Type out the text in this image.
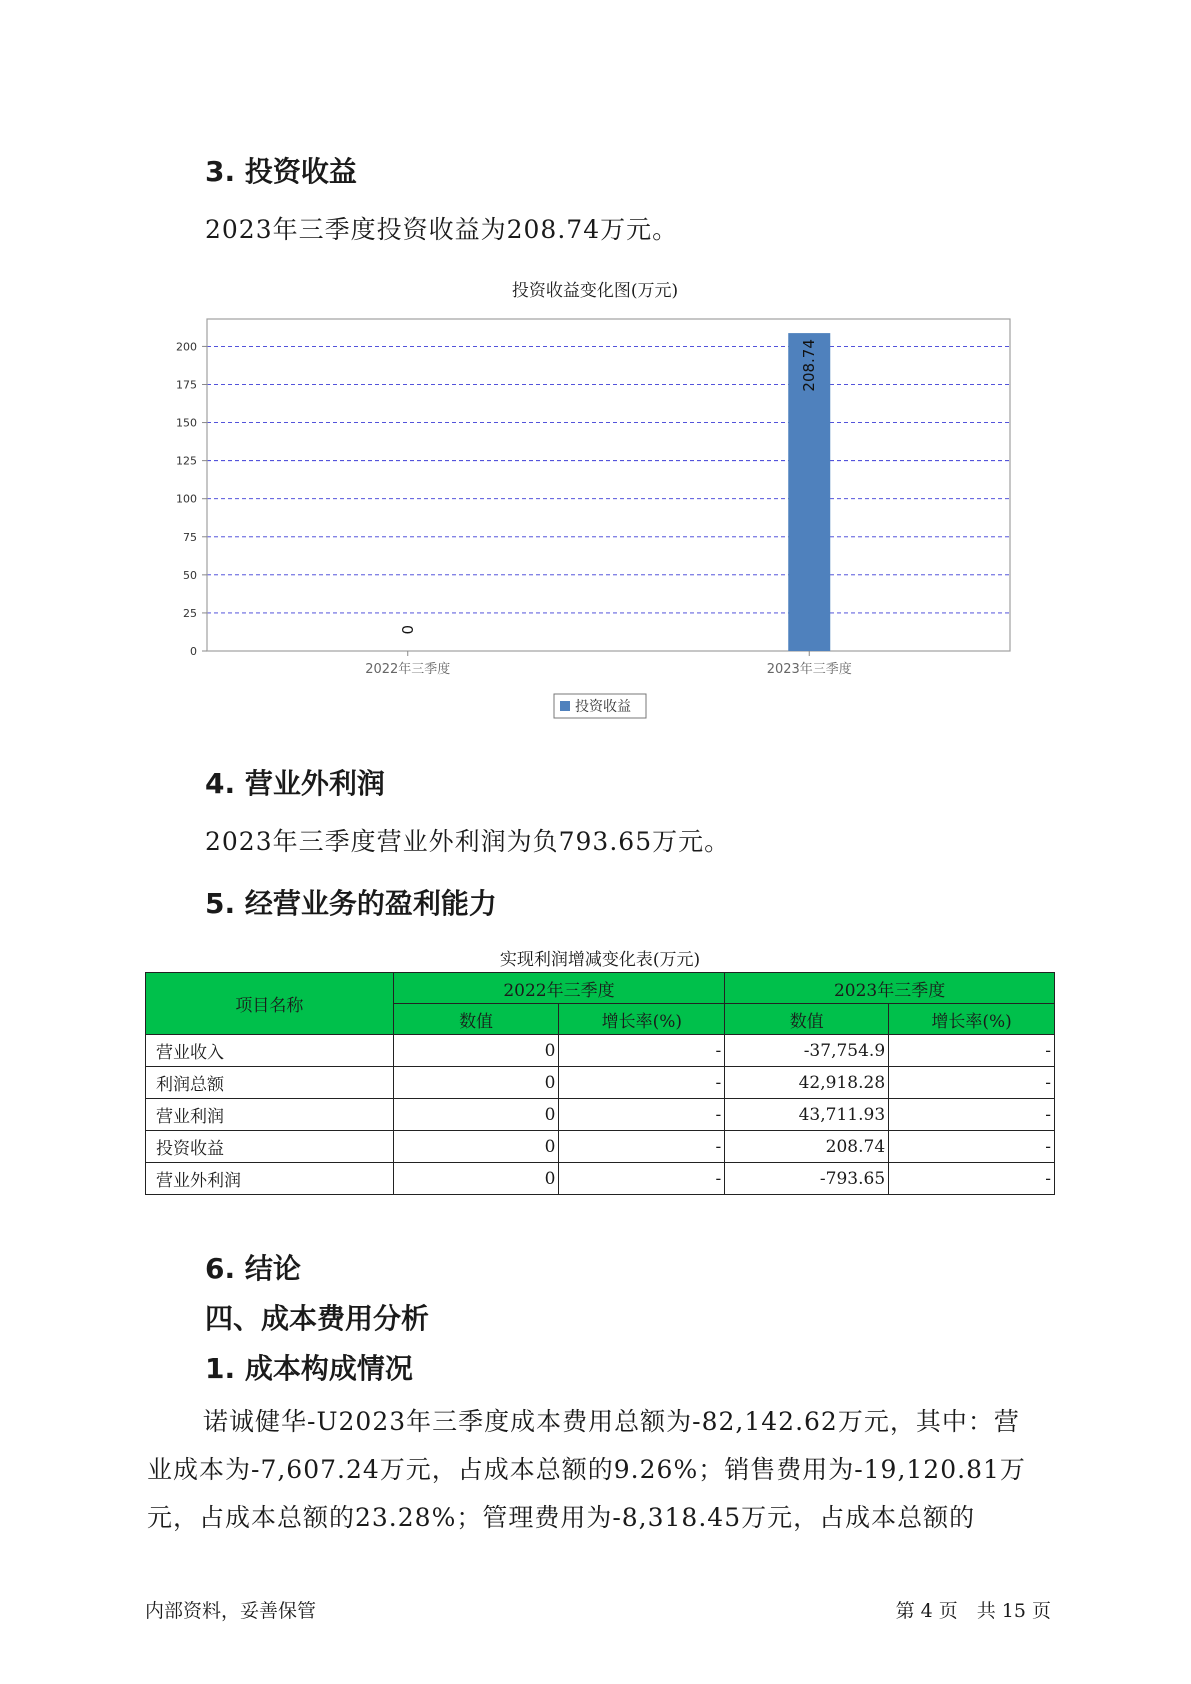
3. 投资收益
2023年三季度投资收益为208.74万元。
投资收益变化图(万元)
0
25
50
75
100
125
150
175
200
0
208.74
2022年三季度	2023年三季度
投资收益
4. 营业外利润
2023年三季度营业外利润为负793.65万元。
5. 经营业务的盈利能力
实现利润增减变化表(万元)
项目名称	2022年三季度		2023年三季度	
	数值	增长率(%)	数值	增长率(%)
营业收入	0	-	-37,754.9	-
利润总额	0	-	42,918.28	-
营业利润	0	-	43,711.93	-
投资收益	0	-	208.74	-
营业外利润	0	-	-793.65	-
6. 结论
四、成本费用分析
1. 成本构成情况
诺诚健华-U2023年三季度成本费用总额为-82,142.62万元，其中：营
业成本为-7,607.24万元，占成本总额的9.26%；销售费用为-19,120.81万
元，占成本总额的23.28%；管理费用为-8,318.45万元，占成本总额的
内部资料，妥善保管	第 4 页　共 15 页
